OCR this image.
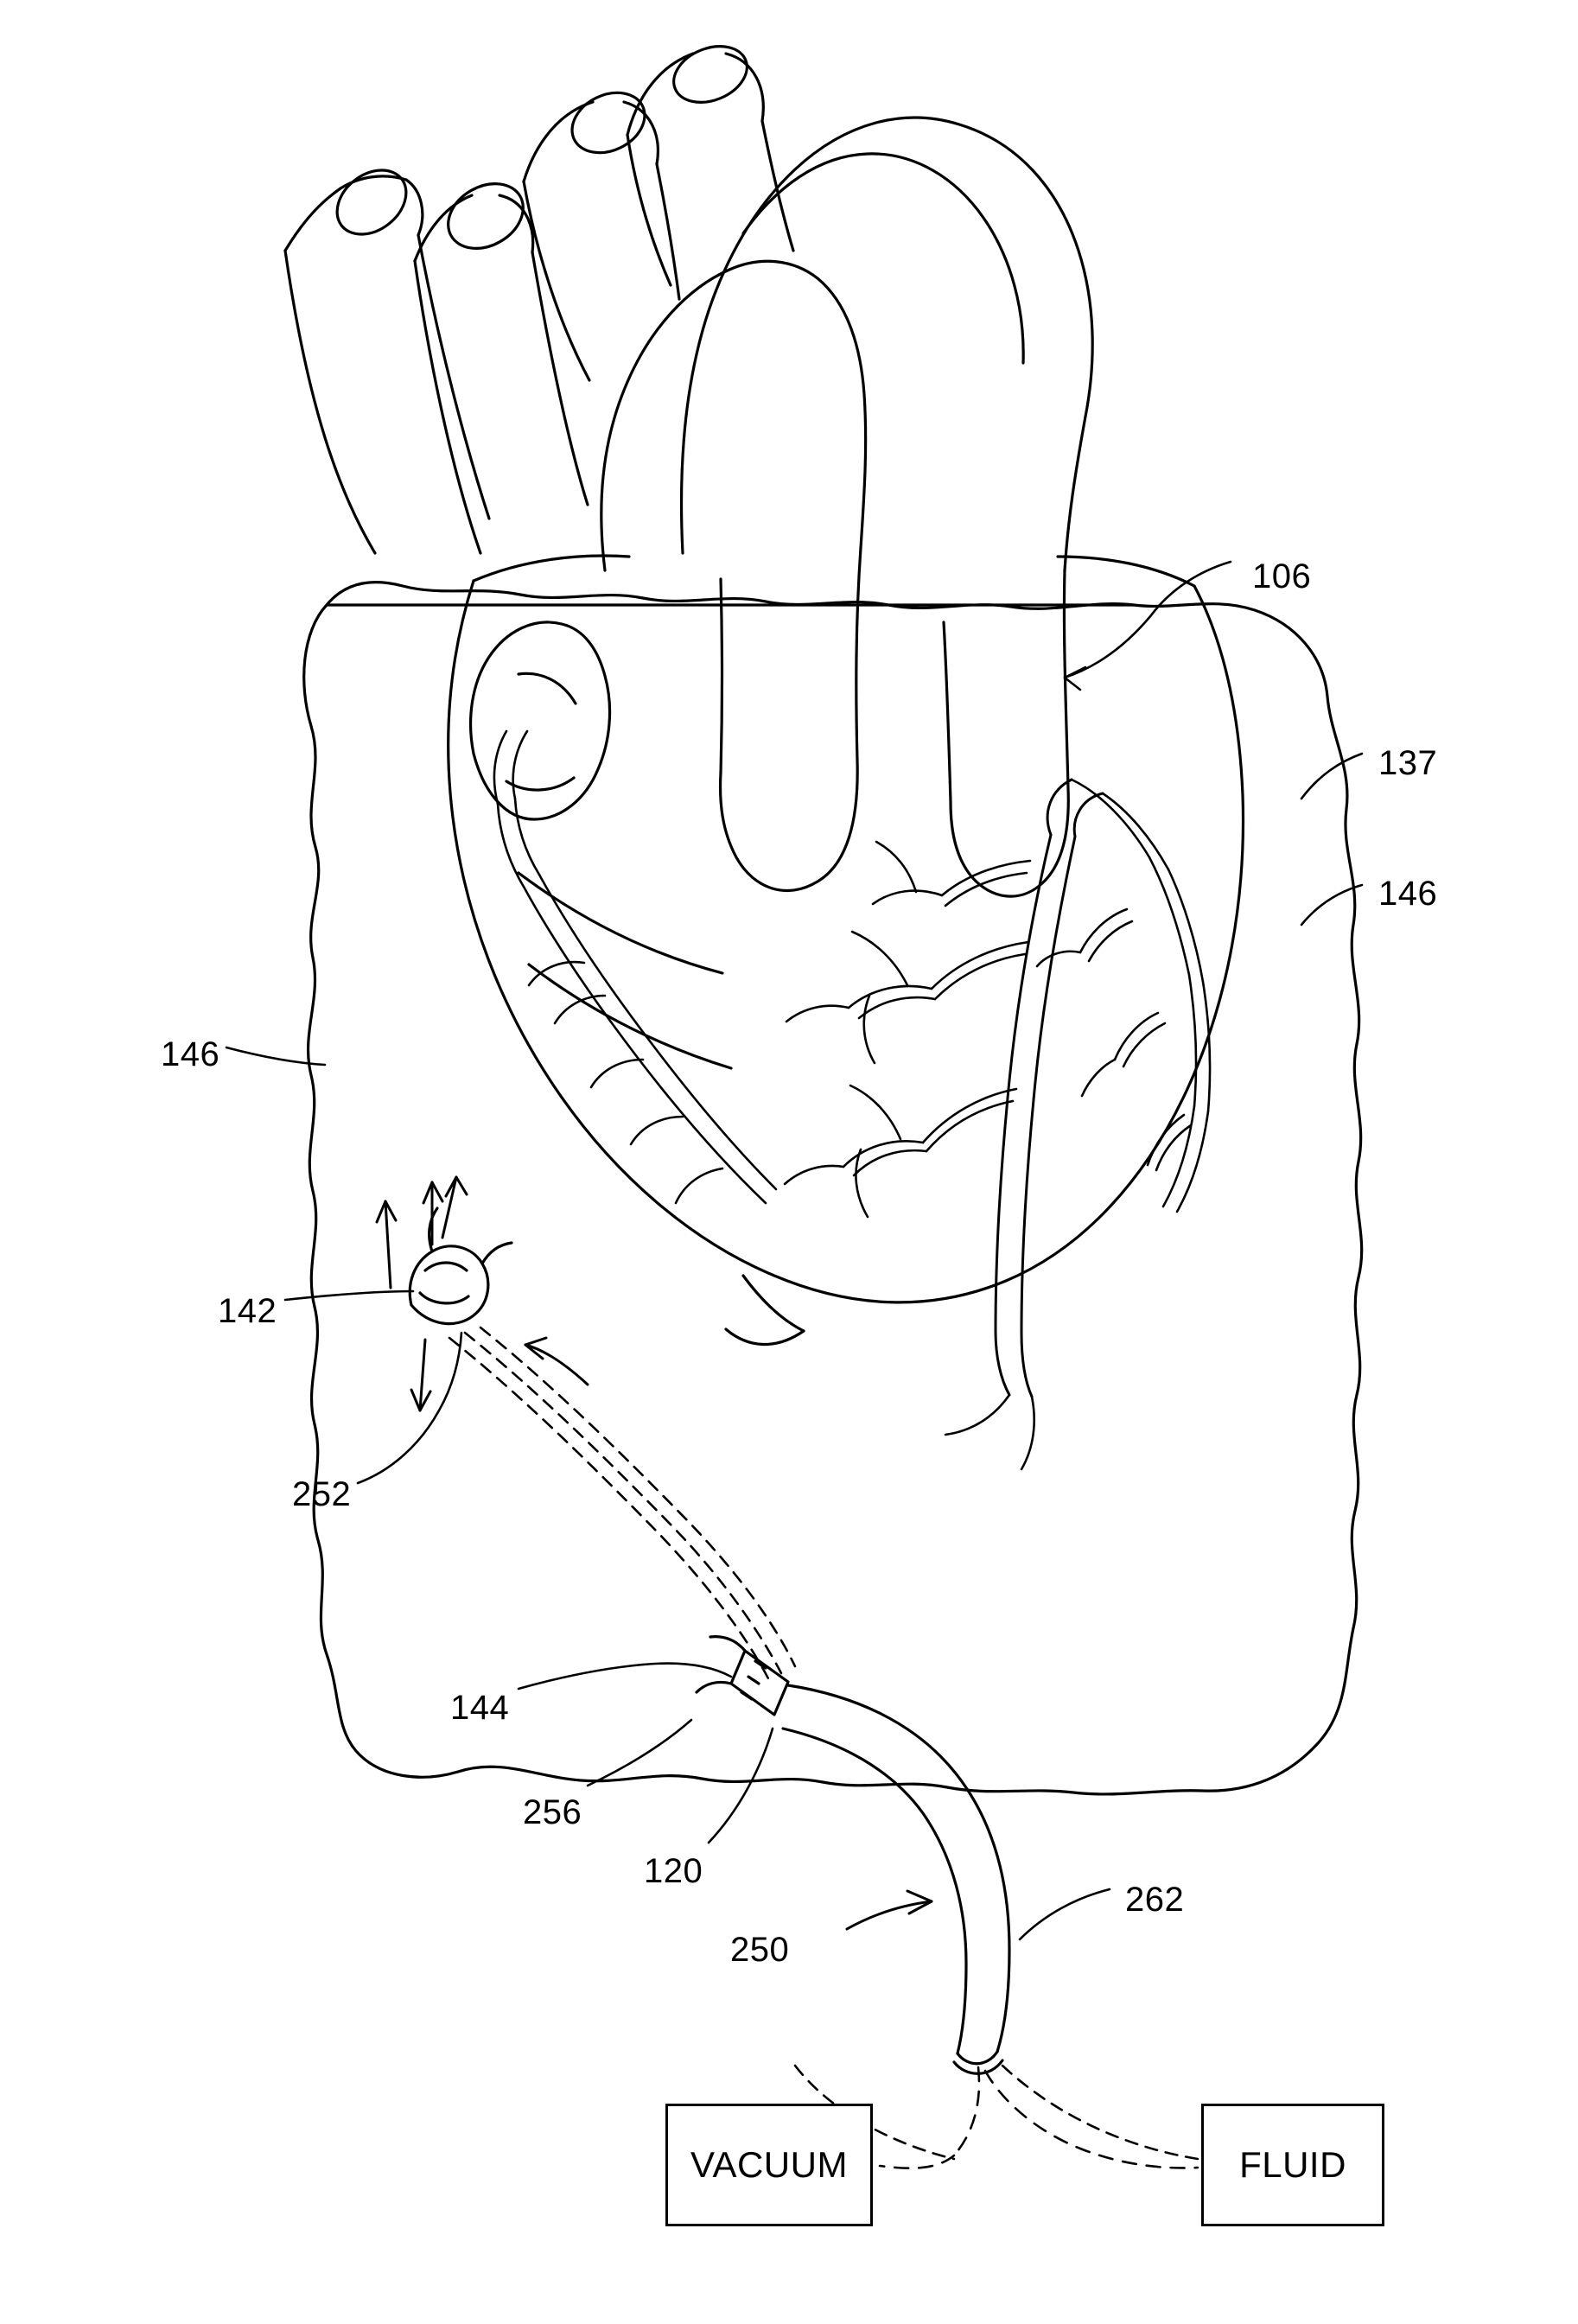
106
137
146
146
142
252
144
256
120
250
262
VACUUM	FLUID
